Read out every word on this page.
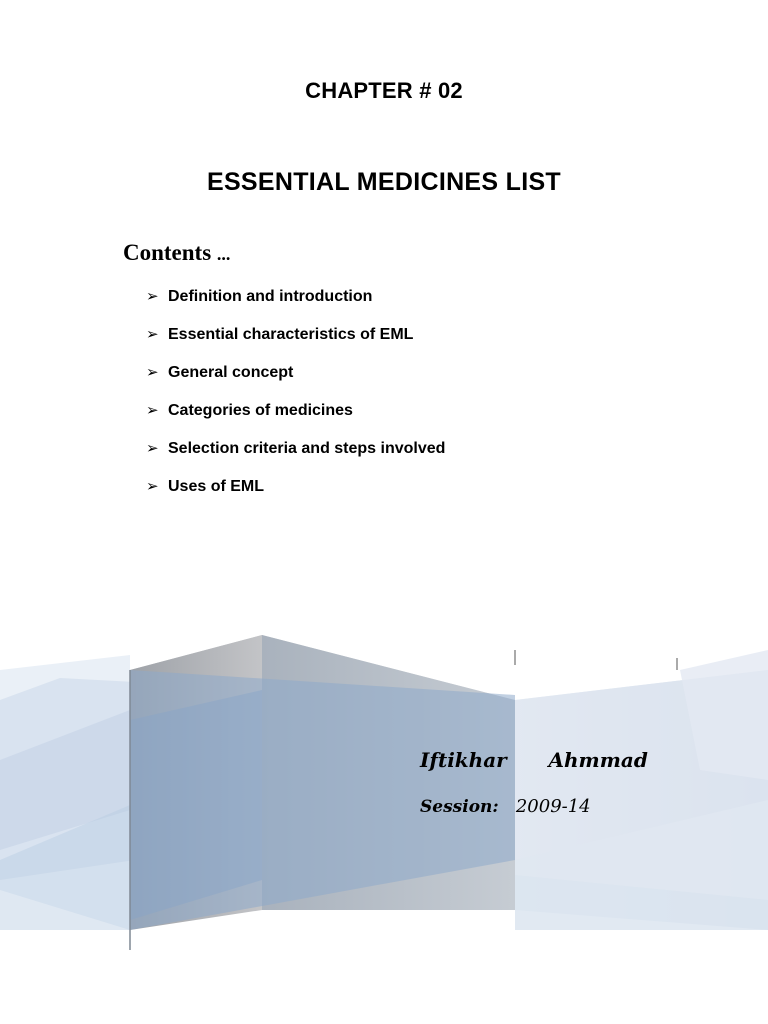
CHAPTER # 02
ESSENTIAL MEDICINES LIST
Contents ...
➢ Definition and introduction
➢ Essential characteristics of EML
➢ General concept
➢ Categories of medicines
➢ Selection criteria and steps involved
➢ Uses of EML
Iftikhar Ahmmad
Session: 2009-14
